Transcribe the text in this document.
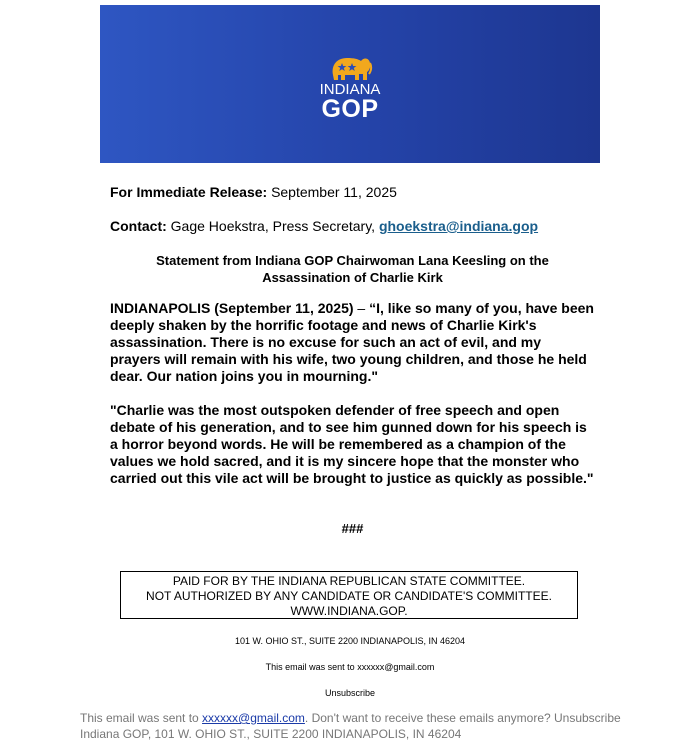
INDIANA
GOP
For Immediate Release: September 11, 2025
Contact: Gage Hoekstra, Press Secretary, ghoekstra@indiana.gop
Statement from Indiana GOP Chairwoman Lana Keesling on the
Assassination of Charlie Kirk
INDIANAPOLIS (September 11, 2025) – “I, like so many of you, have been deeply shaken by the horrific footage and news of Charlie Kirk's assassination. There is no excuse for such an act of evil, and my prayers will remain with his wife, two young children, and those he held dear. Our nation joins you in mourning."
"Charlie was the most outspoken defender of free speech and open debate of his generation, and to see him gunned down for his speech is a horror beyond words. He will be remembered as a champion of the values we hold sacred, and it is my sincere hope that the monster who carried out this vile act will be brought to justice as quickly as possible."
###
PAID FOR BY THE INDIANA REPUBLICAN STATE COMMITTEE.
NOT AUTHORIZED BY ANY CANDIDATE OR CANDIDATE'S COMMITTEE.
WWW.INDIANA.GOP.
101 W. OHIO ST., SUITE 2200 INDIANAPOLIS, IN 46204
This email was sent to xxxxxx@gmail.com
Unsubscribe
This email was sent to xxxxxx@gmail.com. Don't want to receive these emails anymore? Unsubscribe
Indiana GOP, 101 W. OHIO ST., SUITE 2200 INDIANAPOLIS, IN 46204
